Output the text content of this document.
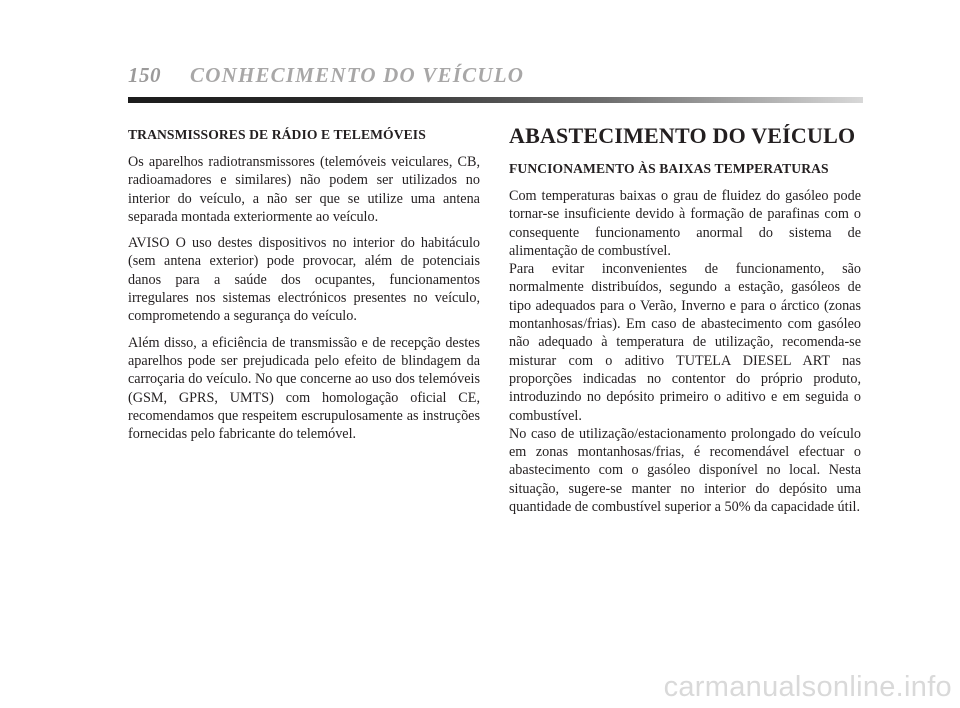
150 CONHECIMENTO DO VEÍCULO
TRANSMISSORES DE RÁDIO E TELEMÓVEIS

Os aparelhos radiotransmissores (telemóveis veiculares, CB, radioamadores e similares) não podem ser utilizados no interior do veículo, a não ser que se utilize uma antena separada montada exteriormente ao veículo.

AVISO O uso destes dispositivos no interior do habitáculo (sem antena exterior) pode provocar, além de potenciais danos para a saúde dos ocupantes, funcionamentos irregulares nos sistemas electrónicos presentes no veículo, comprometendo a segurança do veículo.

Além disso, a eficiência de transmissão e de recepção destes aparelhos pode ser prejudicada pelo efeito de blindagem da carroçaria do veículo. No que concerne ao uso dos telemóveis (GSM, GPRS, UMTS) com homologação oficial CE, recomendamos que respeitem escrupulosamente as instruções fornecidas pelo fabricante do telemóvel.

ABASTECIMENTO DO VEÍCULO
FUNCIONAMENTO ÀS BAIXAS TEMPERATURAS

Com temperaturas baixas o grau de fluidez do gasóleo pode tornar-se insuficiente devido à formação de parafinas com o consequente funcionamento anormal do sistema de alimentação de combustível.

Para evitar inconvenientes de funcionamento, são normalmente distribuídos, segundo a estação, gasóleos de tipo adequados para o Verão, Inverno e para o árctico (zonas montanhosas/frias). Em caso de abastecimento com gasóleo não adequado à temperatura de utilização, recomenda-se misturar com o aditivo TUTELA DIESEL ART nas proporções indicadas no contentor do próprio produto, introduzindo no depósito primeiro o aditivo e em seguida o combustível.

No caso de utilização/estacionamento prolongado do veículo em zonas montanhosas/frias, é recomendável efectuar o abastecimento com o gasóleo disponível no local. Nesta situação, sugere-se manter no interior do depósito uma quantidade de combustível superior a 50% da capacidade útil.

carmanualsonline.info
